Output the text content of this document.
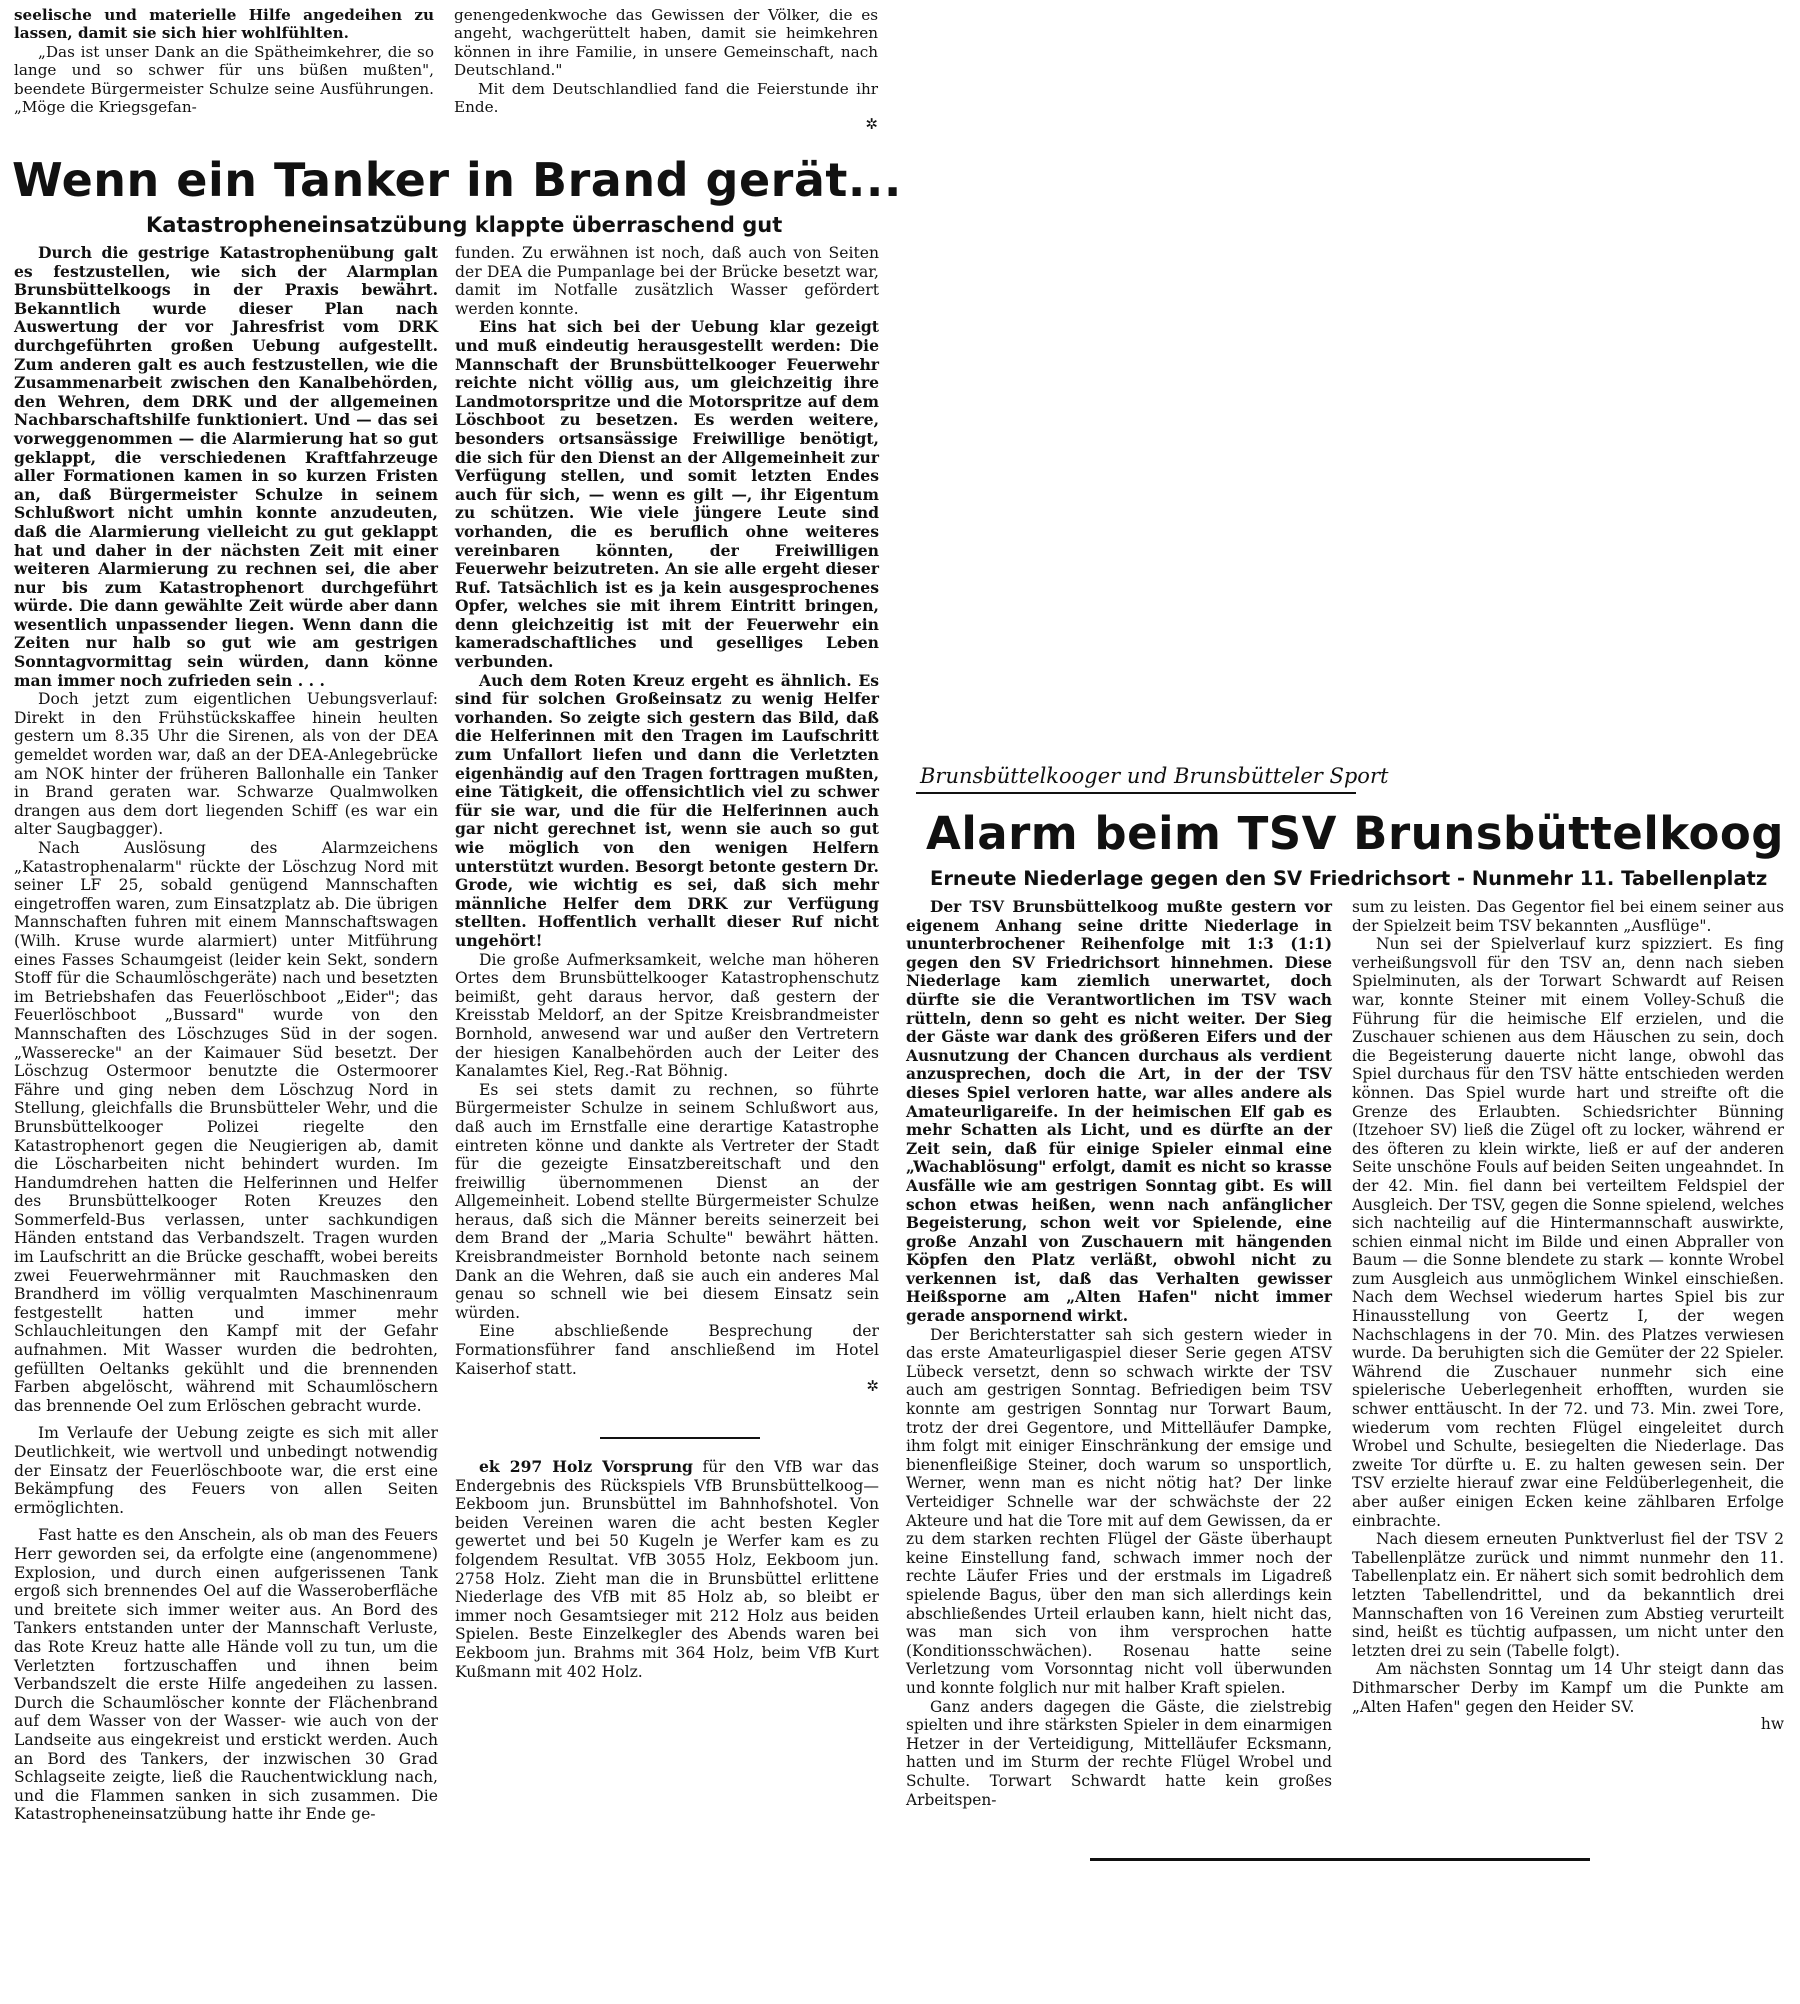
seelische und materielle Hilfe angedeihen zu lassen, damit sie sich hier wohlfühlten.

„Das ist unser Dank an die Spätheimkehrer, die so lange und so schwer für uns büßen mußten", beendete Bürgermeister Schulze seine Ausführungen. „Möge die Kriegsgefan-

genengedenkwoche das Gewissen der Völker, die es angeht, wachgerüttelt haben, damit sie heimkehren können in ihre Familie, in unsere Gemeinschaft, nach Deutschland."

Mit dem Deutschlandlied fand die Feierstunde ihr Ende.

✲
Wenn ein Tanker in Brand gerät...
Katastropheneinsatzübung klappte überraschend gut

Durch die gestrige Katastrophenübung galt es festzustellen, wie sich der Alarmplan Brunsbüttelkoogs in der Praxis bewährt. Bekanntlich wurde dieser Plan nach Auswertung der vor Jahresfrist vom DRK durchgeführten großen Uebung aufgestellt. Zum anderen galt es auch festzustellen, wie die Zusammenarbeit zwischen den Kanalbehörden, den Wehren, dem DRK und der allgemeinen Nachbarschaftshilfe funktioniert. Und — das sei vorweggenommen — die Alarmierung hat so gut geklappt, die verschiedenen Kraftfahrzeuge aller Formationen kamen in so kurzen Fristen an, daß Bürgermeister Schulze in seinem Schlußwort nicht umhin konnte anzudeuten, daß die Alarmierung vielleicht zu gut geklappt hat und daher in der nächsten Zeit mit einer weiteren Alarmierung zu rechnen sei, die aber nur bis zum Katastrophenort durchgeführt würde. Die dann gewählte Zeit würde aber dann wesentlich unpassender liegen. Wenn dann die Zeiten nur halb so gut wie am gestrigen Sonntagvormittag sein würden, dann könne man immer noch zufrieden sein . . .

Doch jetzt zum eigentlichen Uebungsverlauf: Direkt in den Frühstückskaffee hinein heulten gestern um 8.35 Uhr die Sirenen, als von der DEA gemeldet worden war, daß an der DEA-Anlegebrücke am NOK hinter der früheren Ballonhalle ein Tanker in Brand geraten war. Schwarze Qualmwolken drangen aus dem dort liegenden Schiff (es war ein alter Saugbagger).

Nach Auslösung des Alarmzeichens „Katastrophenalarm" rückte der Löschzug Nord mit seiner LF 25, sobald genügend Mannschaften eingetroffen waren, zum Einsatzplatz ab. Die übrigen Mannschaften fuhren mit einem Mannschaftswagen (Wilh. Kruse wurde alarmiert) unter Mitführung eines Fasses Schaumgeist (leider kein Sekt, sondern Stoff für die Schaumlöschgeräte) nach und besetzten im Betriebshafen das Feuerlöschboot „Eider"; das Feuerlöschboot „Bussard" wurde von den Mannschaften des Löschzuges Süd in der sogen. „Wasserecke" an der Kaimauer Süd besetzt. Der Löschzug Ostermoor benutzte die Ostermoorer Fähre und ging neben dem Löschzug Nord in Stellung, gleichfalls die Brunsbütteler Wehr, und die Brunsbüttelkooger Polizei riegelte den Katastrophenort gegen die Neugierigen ab, damit die Löscharbeiten nicht behindert wurden. Im Handumdrehen hatten die Helferinnen und Helfer des Brunsbüttelkooger Roten Kreuzes den Sommerfeld-Bus verlassen, unter sachkundigen Händen entstand das Verbandszelt. Tragen wurden im Laufschritt an die Brücke geschafft, wobei bereits zwei Feuerwehrmänner mit Rauchmasken den Brandherd im völlig verqualmten Maschinenraum festgestellt hatten und immer mehr Schlauchleitungen den Kampf mit der Gefahr aufnahmen. Mit Wasser wurden die bedrohten, gefüllten Oeltanks gekühlt und die brennenden Farben abgelöscht, während mit Schaumlöschern das brennende Oel zum Erlöschen gebracht wurde.

Im Verlaufe der Uebung zeigte es sich mit aller Deutlichkeit, wie wertvoll und unbedingt notwendig der Einsatz der Feuerlöschboote war, die erst eine Bekämpfung des Feuers von allen Seiten ermöglichten.

Fast hatte es den Anschein, als ob man des Feuers Herr geworden sei, da erfolgte eine (angenommene) Explosion, und durch einen aufgerissenen Tank ergoß sich brennendes Oel auf die Wasseroberfläche und breitete sich immer weiter aus. An Bord des Tankers entstanden unter der Mannschaft Verluste, das Rote Kreuz hatte alle Hände voll zu tun, um die Verletzten fortzuschaffen und ihnen beim Verbandszelt die erste Hilfe angedeihen zu lassen. Durch die Schaumlöscher konnte der Flächenbrand auf dem Wasser von der Wasser- wie auch von der Landseite aus eingekreist und erstickt werden. Auch an Bord des Tankers, der inzwischen 30 Grad Schlagseite zeigte, ließ die Rauchentwicklung nach, und die Flammen sanken in sich zusammen. Die Katastropheneinsatzübung hatte ihr Ende ge-

funden. Zu erwähnen ist noch, daß auch von Seiten der DEA die Pumpanlage bei der Brücke besetzt war, damit im Notfalle zusätzlich Wasser gefördert werden konnte.

Eins hat sich bei der Uebung klar gezeigt und muß eindeutig herausgestellt werden: Die Mannschaft der Brunsbüttelkooger Feuerwehr reichte nicht völlig aus, um gleichzeitig ihre Landmotorspritze und die Motorspritze auf dem Löschboot zu besetzen. Es werden weitere, besonders ortsansässige Freiwillige benötigt, die sich für den Dienst an der Allgemeinheit zur Verfügung stellen, und somit letzten Endes auch für sich, — wenn es gilt —, ihr Eigentum zu schützen. Wie viele jüngere Leute sind vorhanden, die es beruflich ohne weiteres vereinbaren könnten, der Freiwilligen Feuerwehr beizutreten. An sie alle ergeht dieser Ruf. Tatsächlich ist es ja kein ausgesprochenes Opfer, welches sie mit ihrem Eintritt bringen, denn gleichzeitig ist mit der Feuerwehr ein kameradschaftliches und geselliges Leben verbunden.

Auch dem Roten Kreuz ergeht es ähnlich. Es sind für solchen Großeinsatz zu wenig Helfer vorhanden. So zeigte sich gestern das Bild, daß die Helferinnen mit den Tragen im Laufschritt zum Unfallort liefen und dann die Verletzten eigenhändig auf den Tragen forttragen mußten, eine Tätigkeit, die offensichtlich viel zu schwer für sie war, und die für die Helferinnen auch gar nicht gerechnet ist, wenn sie auch so gut wie möglich von den wenigen Helfern unterstützt wurden. Besorgt betonte gestern Dr. Grode, wie wichtig es sei, daß sich mehr männliche Helfer dem DRK zur Verfügung stellten. Hoffentlich verhallt dieser Ruf nicht ungehört!

Die große Aufmerksamkeit, welche man höheren Ortes dem Brunsbüttelkooger Katastrophenschutz beimißt, geht daraus hervor, daß gestern der Kreisstab Meldorf, an der Spitze Kreisbrandmeister Bornhold, anwesend war und außer den Vertretern der hiesigen Kanalbehörden auch der Leiter des Kanalamtes Kiel, Reg.-Rat Böhnig.

Es sei stets damit zu rechnen, so führte Bürgermeister Schulze in seinem Schlußwort aus, daß auch im Ernstfalle eine derartige Katastrophe eintreten könne und dankte als Vertreter der Stadt für die gezeigte Einsatzbereitschaft und den freiwillig übernommenen Dienst an der Allgemeinheit. Lobend stellte Bürgermeister Schulze heraus, daß sich die Männer bereits seinerzeit bei dem Brand der „Maria Schulte" bewährt hätten. Kreisbrandmeister Bornhold betonte nach seinem Dank an die Wehren, daß sie auch ein anderes Mal genau so schnell wie bei diesem Einsatz sein würden.

Eine abschließende Besprechung der Formationsführer fand anschließend im Hotel Kaiserhof statt.

✲

ek 297 Holz Vorsprung für den VfB war das Endergebnis des Rückspiels VfB Brunsbüttelkoog—Eekboom jun. Brunsbüttel im Bahnhofshotel. Von beiden Vereinen waren die acht besten Kegler gewertet und bei 50 Kugeln je Werfer kam es zu folgendem Resultat. VfB 3055 Holz, Eekboom jun. 2758 Holz. Zieht man die in Brunsbüttel erlittene Niederlage des VfB mit 85 Holz ab, so bleibt er immer noch Gesamtsieger mit 212 Holz aus beiden Spielen. Beste Einzelkegler des Abends waren bei Eekboom jun. Brahms mit 364 Holz, beim VfB Kurt Kußmann mit 402 Holz.

Brunsbüttelkooger und Brunsbütteler Sport
Alarm beim TSV Brunsbüttelkoog
Erneute Niederlage gegen den SV Friedrichsort - Nunmehr 11. Tabellenplatz

Der TSV Brunsbüttelkoog mußte gestern vor eigenem Anhang seine dritte Niederlage in ununterbrochener Reihenfolge mit 1:3 (1:1) gegen den SV Friedrichsort hinnehmen. Diese Niederlage kam ziemlich unerwartet, doch dürfte sie die Verantwortlichen im TSV wach rütteln, denn so geht es nicht weiter. Der Sieg der Gäste war dank des größeren Eifers und der Ausnutzung der Chancen durchaus als verdient anzusprechen, doch die Art, in der der TSV dieses Spiel verloren hatte, war alles andere als Amateurligareife. In der heimischen Elf gab es mehr Schatten als Licht, und es dürfte an der Zeit sein, daß für einige Spieler einmal eine „Wachablösung" erfolgt, damit es nicht so krasse Ausfälle wie am gestrigen Sonntag gibt. Es will schon etwas heißen, wenn nach anfänglicher Begeisterung, schon weit vor Spielende, eine große Anzahl von Zuschauern mit hängenden Köpfen den Platz verläßt, obwohl nicht zu verkennen ist, daß das Verhalten gewisser Heißsporne am „Alten Hafen" nicht immer gerade anspornend wirkt.

Der Berichterstatter sah sich gestern wieder in das erste Amateurligaspiel dieser Serie gegen ATSV Lübeck versetzt, denn so schwach wirkte der TSV auch am gestrigen Sonntag. Befriedigen beim TSV konnte am gestrigen Sonntag nur Torwart Baum, trotz der drei Gegentore, und Mittelläufer Dampke, ihm folgt mit einiger Einschränkung der emsige und bienenfleißige Steiner, doch warum so unsportlich, Werner, wenn man es nicht nötig hat? Der linke Verteidiger Schnelle war der schwächste der 22 Akteure und hat die Tore mit auf dem Gewissen, da er zu dem starken rechten Flügel der Gäste überhaupt keine Einstellung fand, schwach immer noch der rechte Läufer Fries und der erstmals im Ligadreß spielende Bagus, über den man sich allerdings kein abschließendes Urteil erlauben kann, hielt nicht das, was man sich von ihm versprochen hatte (Konditionsschwächen). Rosenau hatte seine Verletzung vom Vorsonntag nicht voll überwunden und konnte folglich nur mit halber Kraft spielen.

Ganz anders dagegen die Gäste, die zielstrebig spielten und ihre stärksten Spieler in dem einarmigen Hetzer in der Verteidigung, Mittelläufer Ecksmann, hatten und im Sturm der rechte Flügel Wrobel und Schulte. Torwart Schwardt hatte kein großes Arbeitspen-

sum zu leisten. Das Gegentor fiel bei einem seiner aus der Spielzeit beim TSV bekannten „Ausflüge".

Nun sei der Spielverlauf kurz spizziert. Es fing verheißungsvoll für den TSV an, denn nach sieben Spielminuten, als der Torwart Schwardt auf Reisen war, konnte Steiner mit einem Volley-Schuß die Führung für die heimische Elf erzielen, und die Zuschauer schienen aus dem Häuschen zu sein, doch die Begeisterung dauerte nicht lange, obwohl das Spiel durchaus für den TSV hätte entschieden werden können. Das Spiel wurde hart und streifte oft die Grenze des Erlaubten. Schiedsrichter Bünning (Itzehoer SV) ließ die Zügel oft zu locker, während er des öfteren zu klein wirkte, ließ er auf der anderen Seite unschöne Fouls auf beiden Seiten ungeahndet. In der 42. Min. fiel dann bei verteiltem Feldspiel der Ausgleich. Der TSV, gegen die Sonne spielend, welches sich nachteilig auf die Hintermannschaft auswirkte, schien einmal nicht im Bilde und einen Abpraller von Baum — die Sonne blendete zu stark — konnte Wrobel zum Ausgleich aus unmöglichem Winkel einschießen. Nach dem Wechsel wiederum hartes Spiel bis zur Hinausstellung von Geertz I, der wegen Nachschlagens in der 70. Min. des Platzes verwiesen wurde. Da beruhigten sich die Gemüter der 22 Spieler. Während die Zuschauer nunmehr sich eine spielerische Ueberlegenheit erhofften, wurden sie schwer enttäuscht. In der 72. und 73. Min. zwei Tore, wiederum vom rechten Flügel eingeleitet durch Wrobel und Schulte, besiegelten die Niederlage. Das zweite Tor dürfte u. E. zu halten gewesen sein. Der TSV erzielte hierauf zwar eine Feldüberlegenheit, die aber außer einigen Ecken keine zählbaren Erfolge einbrachte.

Nach diesem erneuten Punktverlust fiel der TSV 2 Tabellenplätze zurück und nimmt nunmehr den 11. Tabellenplatz ein. Er nähert sich somit bedrohlich dem letzten Tabellendrittel, und da bekanntlich drei Mannschaften von 16 Vereinen zum Abstieg verurteilt sind, heißt es tüchtig aufpassen, um nicht unter den letzten drei zu sein (Tabelle folgt).

Am nächsten Sonntag um 14 Uhr steigt dann das Dithmarscher Derby im Kampf um die Punkte am „Alten Hafen" gegen den Heider SV.

hw
